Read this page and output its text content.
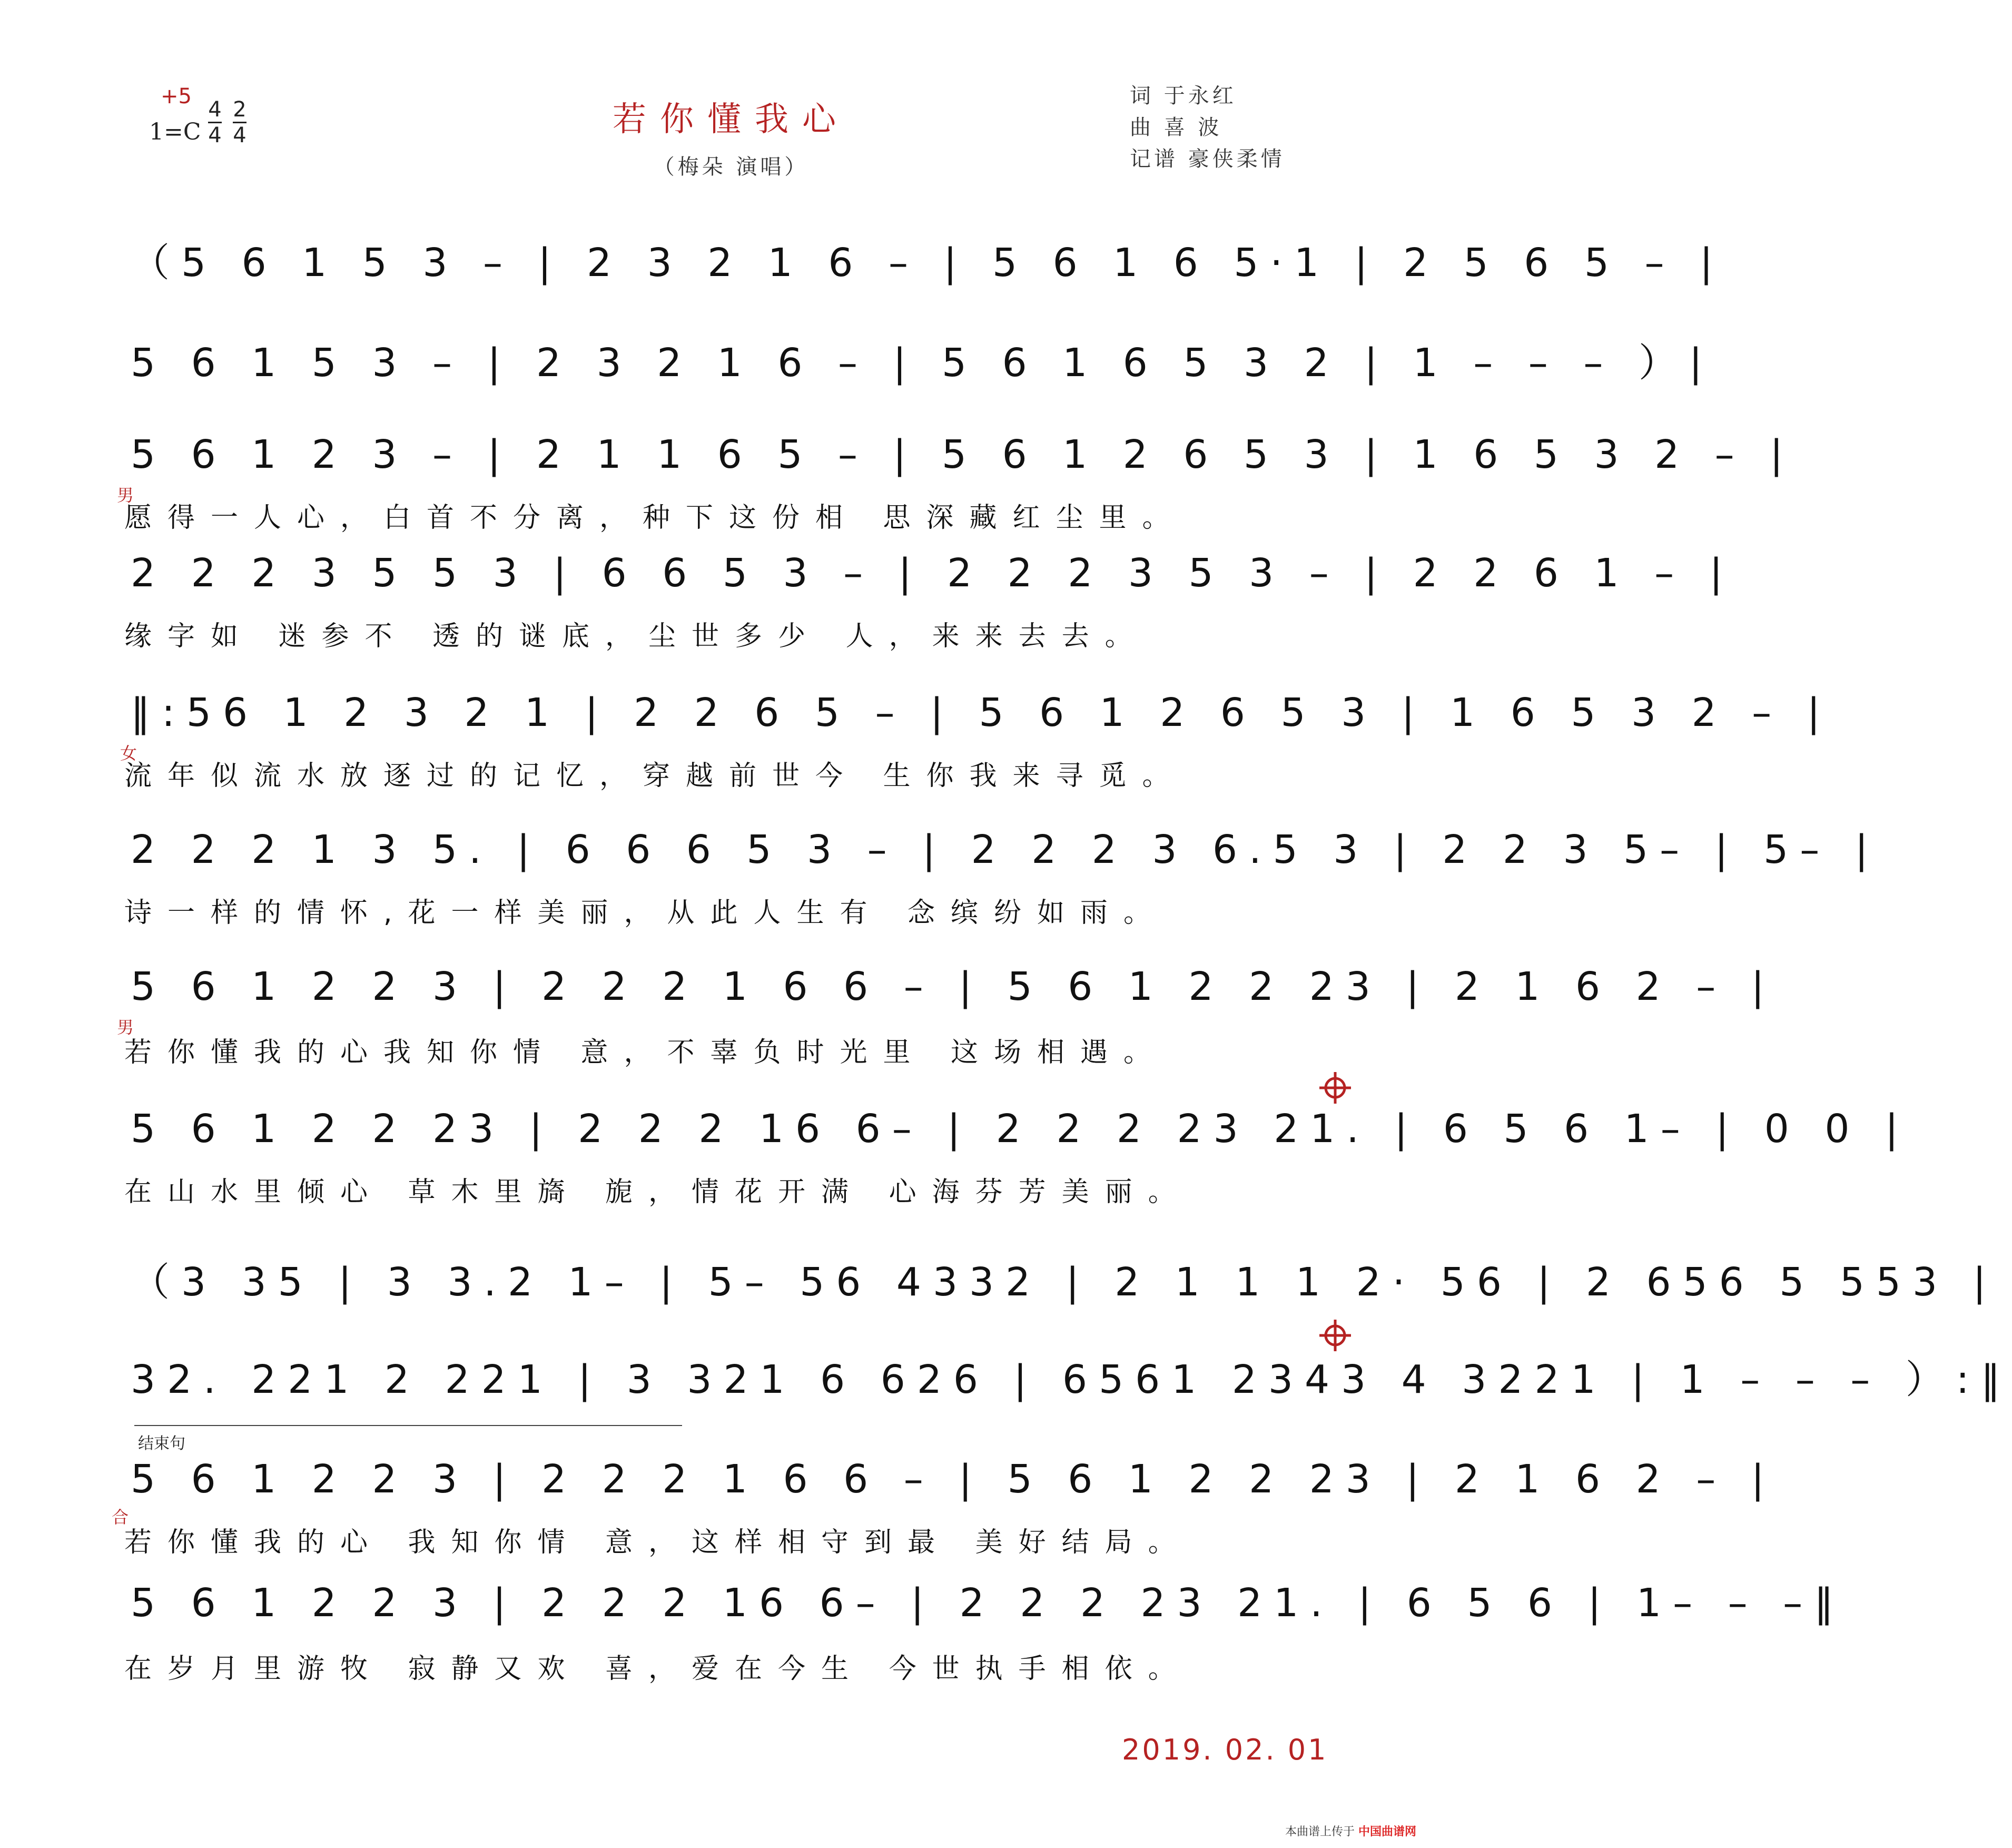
+5
1=C
4
4
2
4	若你懂我心
（梅朵 演唱）
词 于永红
曲 喜 波
记谱 豪侠柔情
（5 6 1 5 3 – | 2 3 2 1 6 – | 5 6 1 6 5·1 | 2 5 6 5 – |
5 6 1 5 3 – | 2 3 2 1 6 – | 5 6 1 6 5 3 2 | 1 – – – ）|
5 6 1 2 3 – | 2 1 1 6 5 – | 5 6 1 2 6 5 3 | 1 6 5 3 2 – |
男
愿得一人心，白首不分离，种下这份相 思深藏红尘里。
2 2 2 3 5 5 3 | 6 6 5 3 – | 2 2 2 3 5 3 – | 2 2 6 1 – |
缘字如 迷参不 透的谜底，尘世多少 人，来来去去。
‖:56 1 2 3 2 1 | 2 2 6 5 – | 5 6 1 2 6 5 3 | 1 6 5 3 2 – |
女
流年似流水放逐过的记忆，穿越前世今 生你我来寻觅。
2 2 2 1 3 5. | 6 6 6 5 3 – | 2 2 2 3 6.5 3 | 2 2 3 5– | 5– |
诗一样的情怀,花一样美丽，从此人生有 念缤纷如雨。
5 6 1 2 2 3 | 2 2 2 1 6 6 – | 5 6 1 2 2 23 | 2 1 6 2 – |
男
若你懂我的心我知你情 意，不辜负时光里 这场相遇。
5 6 1 2 2 23 | 2 2 2 16 6– | 2 2 2 23 21. | 6 5 6 1– | 0 0 |
在山水里倾心 草木里旖 旎，情花开满 心海芬芳美丽。
（3 35 | 3 3.2 1– | 5– 56 4332 | 2 1 1 1 2· 56 | 2 656 5 553 |
32. 221 2 221 | 3 321 6 626 | 6561 2343 4 3221 | 1 – – – ）:‖
结束句
5 6 1 2 2 3 | 2 2 2 1 6 6 – | 5 6 1 2 2 23 | 2 1 6 2 – |
合
若你懂我的心 我知你情 意，这样相守到最 美好结局。
5 6 1 2 2 3 | 2 2 2 16 6– | 2 2 2 23 21. | 6 5 6 | 1– – –‖
在岁月里游牧 寂静又欢 喜，爱在今生 今世执手相依。
2019. 02. 01
本曲谱上传于 中国曲谱网
